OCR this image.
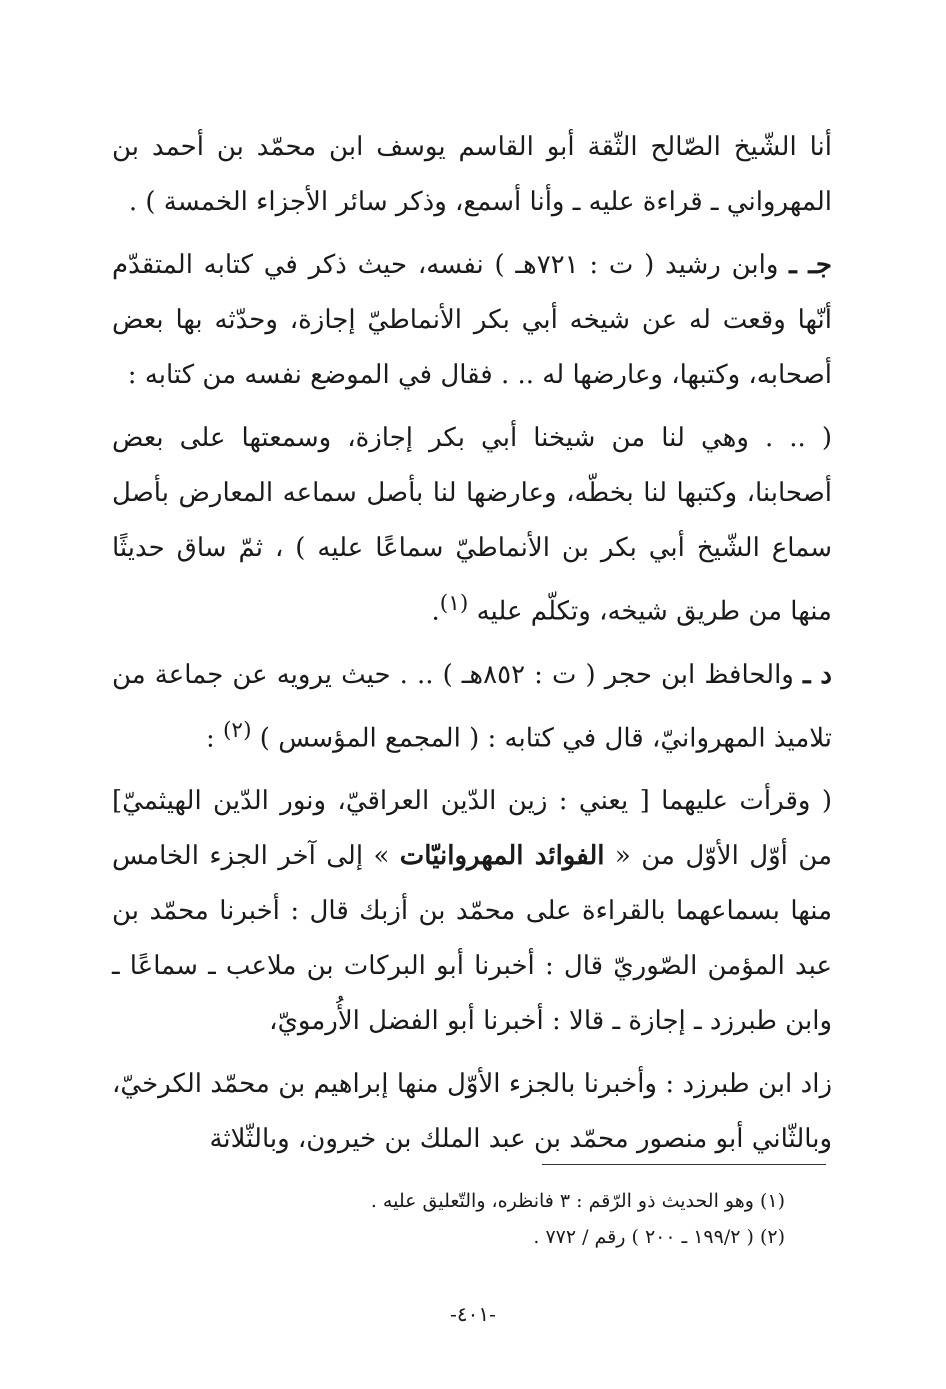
أنا الشّيخ الصّالح الثّقة أبو القاسم يوسف ابن محمّد بن أحمد بن المهرواني ـ قراءة عليه ـ وأنا أسمع، وذكر سائر الأجزاء الخمسة ) .

جـ ـ وابن رشيد ( ت : ٧٢١هـ ) نفسه، حيث ذكر في كتابه المتقدّم أنّها وقعت له عن شيخه أبي بكر الأنماطيّ إجازة، وحدّثه بها بعض أصحابه، وكتبها، وعارضها له .. . فقال في الموضع نفسه من كتابه :

( .. . وهي لنا من شيخنا أبي بكر إجازة، وسمعتها على بعض أصحابنا، وكتبها لنا بخطّه، وعارضها لنا بأصل سماعه المعارض بأصل سماع الشّيخ أبي بكر بن الأنماطيّ سماعًا عليه ) ، ثمّ ساق حديثًا منها من طريق شيخه، وتكلّم عليه $^{(١)}$.

د ـ والحافظ ابن حجر ( ت : ٨٥٢هـ ) .. . حيث يرويه عن جماعة من تلاميذ المهروانيّ، قال في كتابه : ( المجمع المؤسس ) $^{(٢)}$ :

( وقرأت عليهما [ يعني : زين الدّين العراقيّ، ونور الدّين الهيثميّ] من أوّل الأوّل من « الفوائد المهروانيّات » إلى آخر الجزء الخامس منها بسماعهما بالقراءة على محمّد بن أزبك قال : أخبرنا محمّد بن عبد المؤمن الصّوريّ قال : أخبرنا أبو البركات بن ملاعب ـ سماعًا ـ وابن طبرزد ـ إجازة ـ قالا : أخبرنا أبو الفضل الأُرمويّ،

زاد ابن طبرزد : وأخبرنا بالجزء الأوّل منها إبراهيم بن محمّد الكرخيّ، وبالثّاني أبو منصور محمّد بن عبد الملك بن خيرون، وبالثّلاثة

(١) وهو الحديث ذو الرّقم : ٣ فانظره، والتّعليق عليه .

(٢) ( ١٩٩/٢ ـ ٢٠٠ ) رقم / ٧٧٢ .

-٤٠١-
